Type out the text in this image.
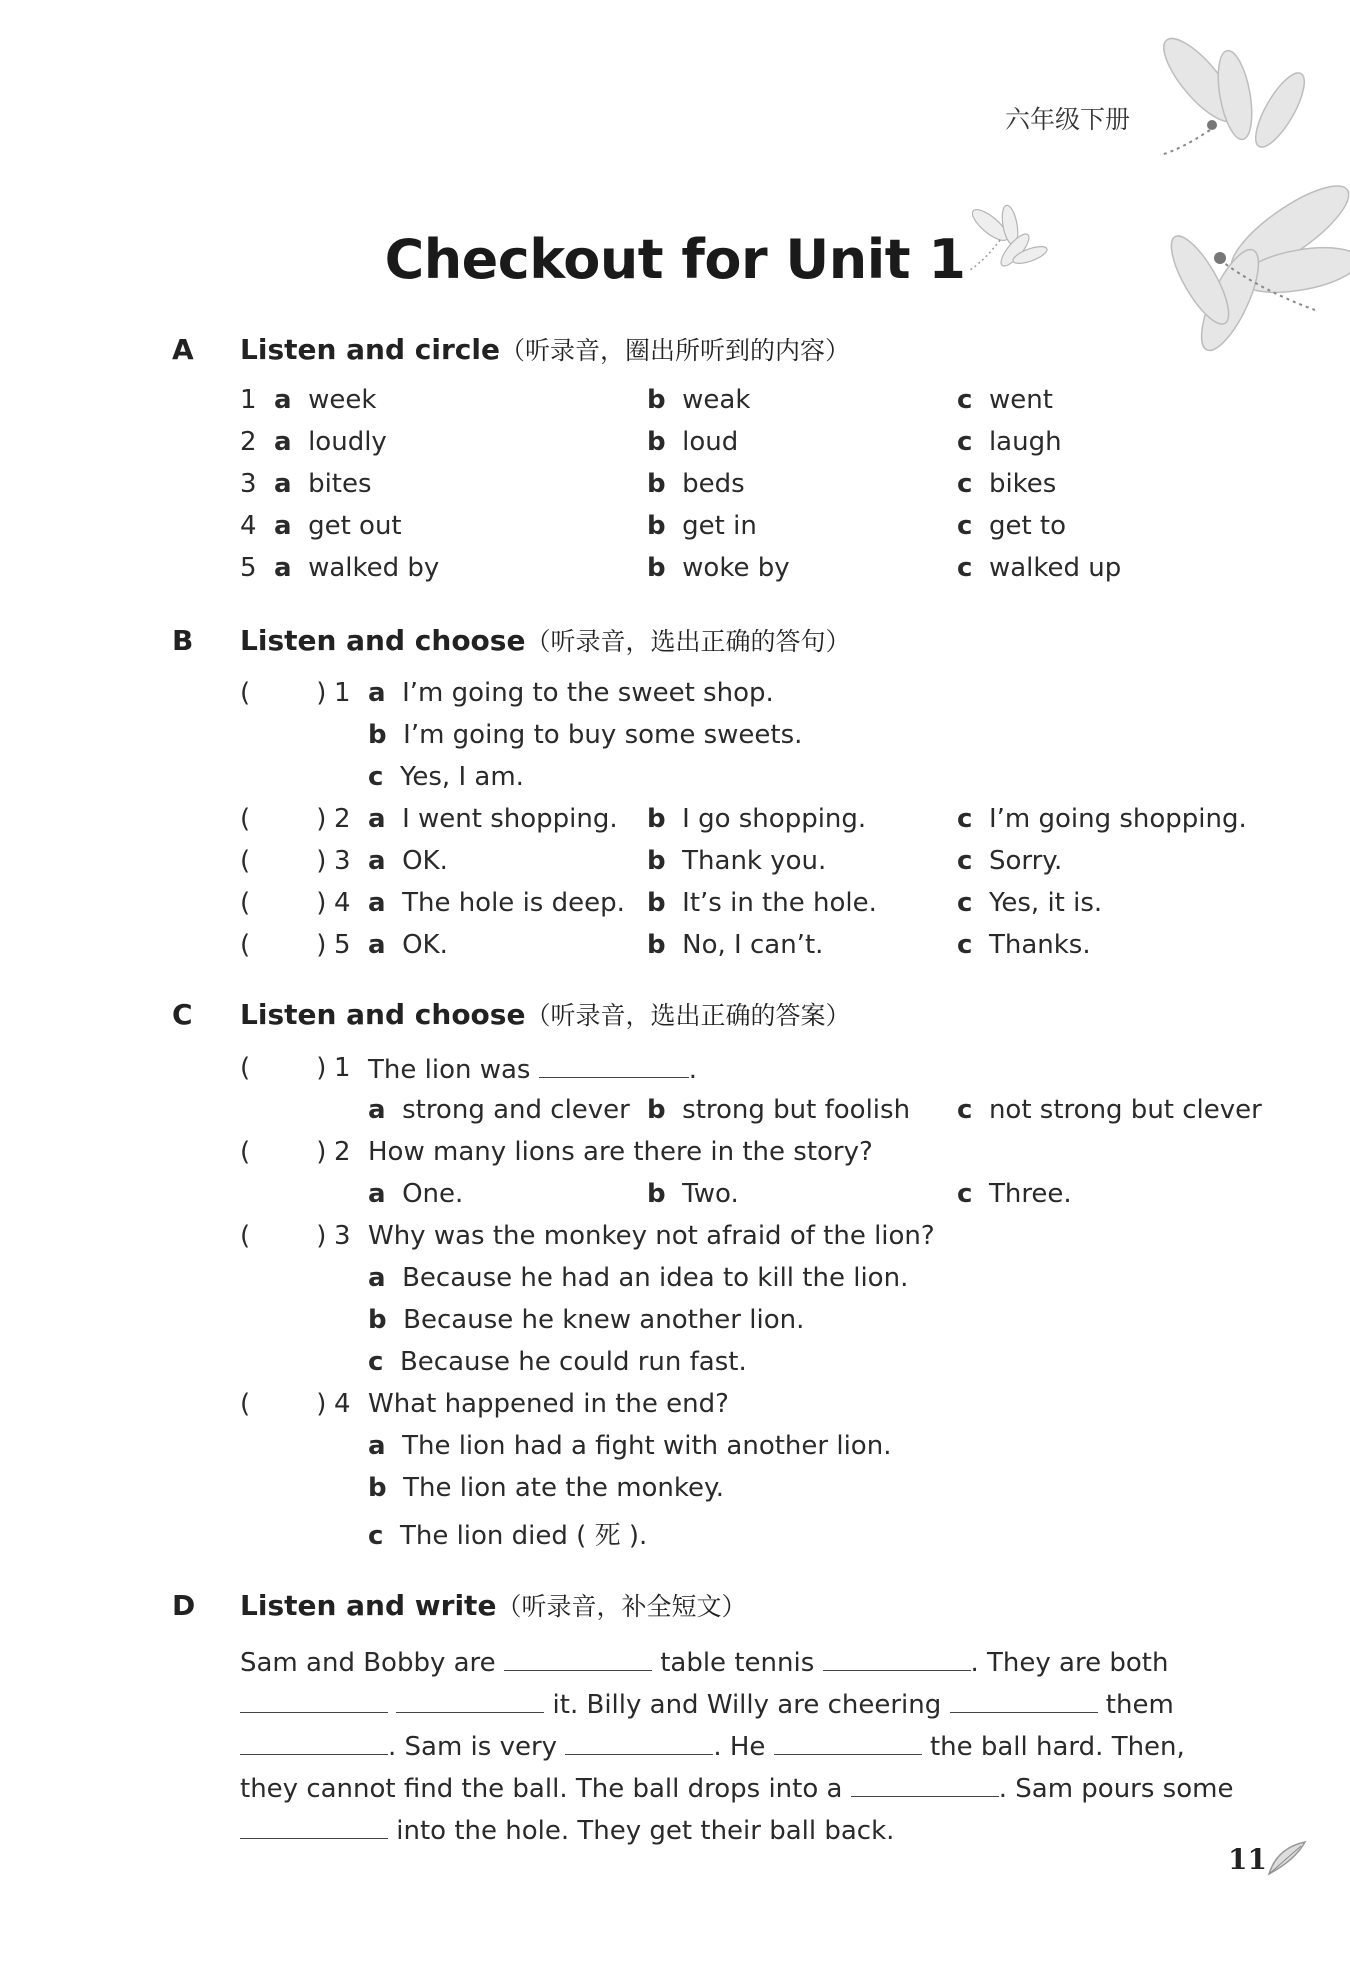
六年级下册
Checkout for Unit 1
A Listen and circle（听录音，圈出所听到的内容）
1 a week	b weak	c went
2 a loudly	b loud	c laugh
3 a bites	b beds	c bikes
4 a get out	b get in	c get to
5 a walked by	b woke by	c walked up
B Listen and choose（听录音，选出正确的答句）
(        ) 1 a I’m going to the sweet shop.
b I’m going to buy some sweets.
c Yes, I am.
(        ) 2 a I went shopping. b I go shopping.	c I’m going shopping.
(        ) 3 a OK.	b Thank you.	c Sorry.
(        ) 4 a The hole is deep. b It’s in the hole.	c Yes, it is.
(        ) 5 a OK.	b No, I can’t.	c Thanks.
C Listen and choose（听录音，选出正确的答案）
(        ) 1 The lion was	.
a strong and clever b strong but foolish c not strong but clever
(        ) 2 How many lions are there in the story?
a One.	b Two.	c Three.
(        ) 3 Why was the monkey not afraid of the lion?
a Because he had an idea to kill the lion.
b Because he knew another lion.
c Because he could run fast.
(        ) 4 What happened in the end?
a The lion had a fight with another lion.
b The lion ate the monkey.
c The lion died ( 死 ).
D Listen and write（听录音，补全短文）
Sam and Bobby are	table tennis	. They are both
it. Billy and Willy are cheering	them
. Sam is very	. He	the ball hard. Then,
they cannot find the ball. The ball drops into a	. Sam pours some
into the hole. They get their ball back.
11
